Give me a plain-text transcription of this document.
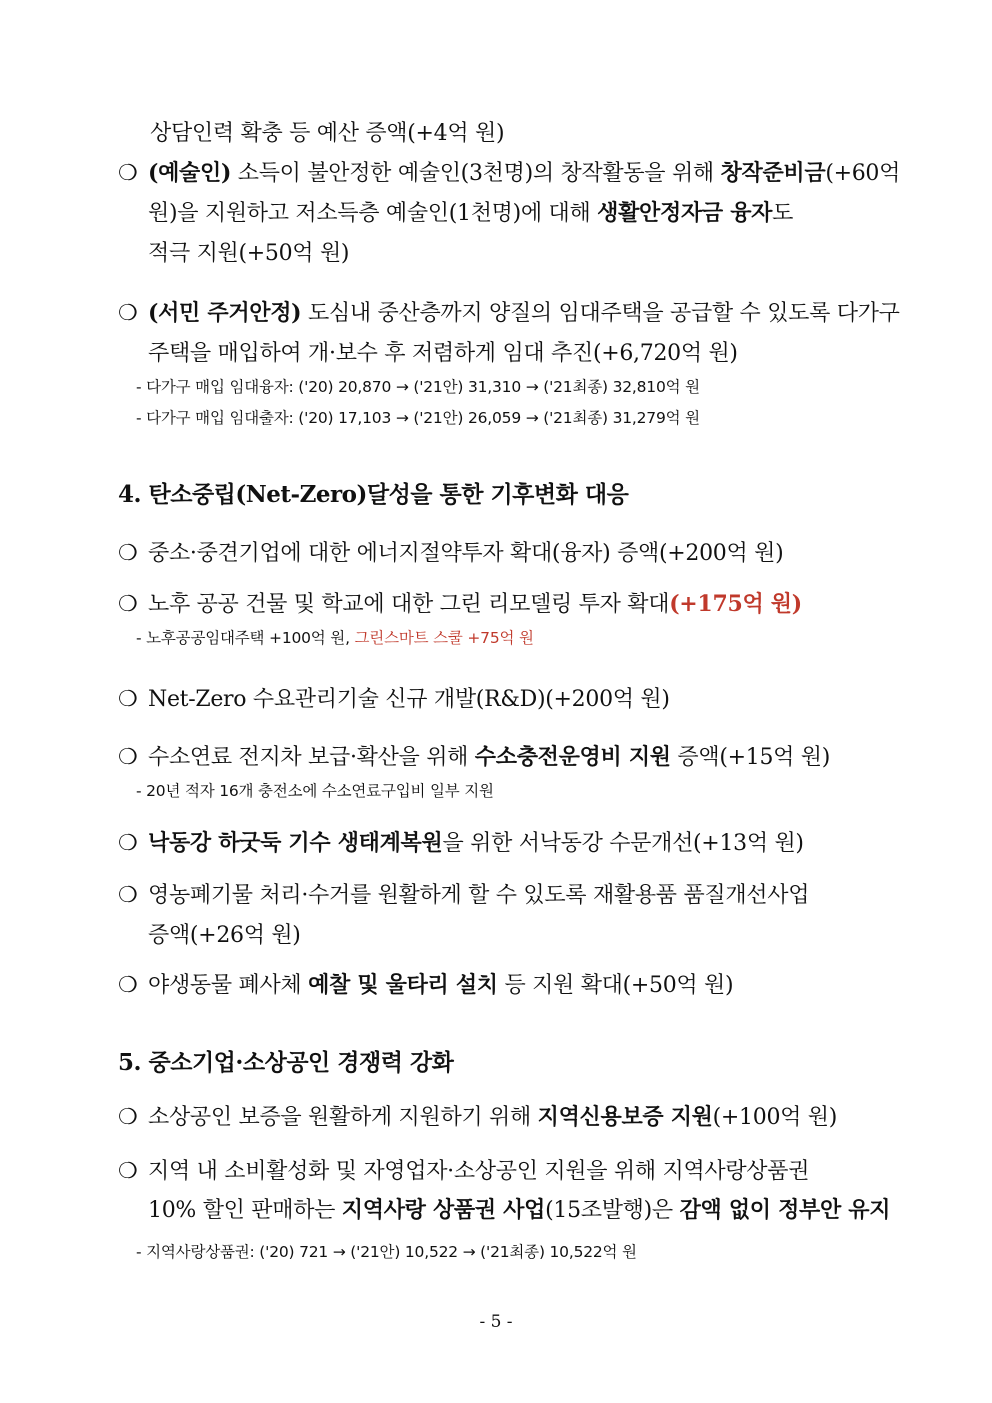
상담인력 확충 등 예산 증액(+4억 원)
❍ (예술인) 소득이 불안정한 예술인(3천명)의 창작활동을 위해 창작준비금(+60억
원)을 지원하고 저소득층 예술인(1천명)에 대해 생활안정자금 융자도
적극 지원(+50억 원)
❍ (서민 주거안정) 도심내 중산층까지 양질의 임대주택을 공급할 수 있도록 다가구
주택을 매입하여 개·보수 후 저렴하게 임대 추진(+6,720억 원)
- 다가구 매입 임대융자: ('20) 20,870 → ('21안) 31,310 → ('21최종) 32,810억 원
- 다가구 매입 임대출자: ('20) 17,103 → ('21안) 26,059 → ('21최종) 31,279억 원
4. 탄소중립(Net-Zero)달성을 통한 기후변화 대응
❍ 중소·중견기업에 대한 에너지절약투자 확대(융자) 증액(+200억 원)
❍ 노후 공공 건물 및 학교에 대한 그린 리모델링 투자 확대(+175억 원)
- 노후공공임대주택 +100억 원, 그린스마트 스쿨 +75억 원
❍ Net-Zero 수요관리기술 신규 개발(R&D)(+200억 원)
❍ 수소연료 전지차 보급·확산을 위해 수소충전운영비 지원 증액(+15억 원)
- 20년 적자 16개 충전소에 수소연료구입비 일부 지원
❍ 낙동강 하굿둑 기수 생태계복원을 위한 서낙동강 수문개선(+13억 원)
❍ 영농폐기물 처리·수거를 원활하게 할 수 있도록 재활용품 품질개선사업
증액(+26억 원)
❍ 야생동물 폐사체 예찰 및 울타리 설치 등 지원 확대(+50억 원)
5. 중소기업·소상공인 경쟁력 강화
❍ 소상공인 보증을 원활하게 지원하기 위해 지역신용보증 지원(+100억 원)
❍ 지역 내 소비활성화 및 자영업자·소상공인 지원을 위해 지역사랑상품권
10% 할인 판매하는 지역사랑 상품권 사업(15조발행)은 감액 없이 정부안 유지
- 지역사랑상품권: ('20) 721 → ('21안) 10,522 → ('21최종) 10,522억 원
- 5 -
